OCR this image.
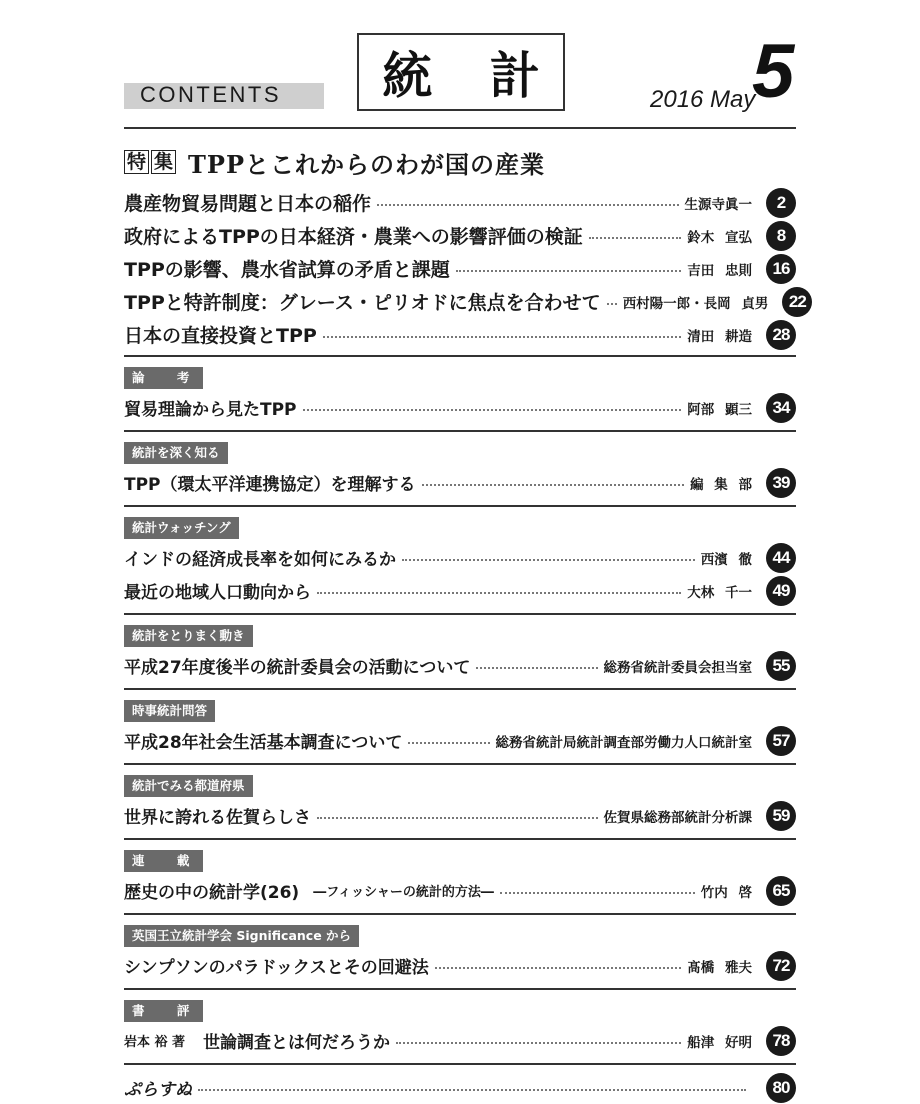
CONTENTS 統 計	2016 May
5
特 集 TPPとこれからのわが国の産業
農産物貿易問題と日本の稲作	生源寺眞一	2
政府によるTPPの日本経済・農業への影響評価の検証	鈴木 宣弘	8
TPPの影響、農水省試算の矛盾と課題	吉田 忠則	16
TPPと特許制度：グレース・ピリオドに焦点を合わせて 西村陽一郎・長岡 貞男	22
日本の直接投資とTPP	清田 耕造	28
論 考
貿易理論から見たTPP	阿部 顕三	34
統計を深く知る
TPP（環太平洋連携協定）を理解する	編 集 部	39
統計ウォッチング
インドの経済成長率を如何にみるか	西濱 徹	44
最近の地域人口動向から	大林 千一	49
統計をとりまく動き
平成27年度後半の統計委員会の活動について	総務省統計委員会担当室	55
時事統計問答
平成28年社会生活基本調査について	総務省統計局統計調査部労働力人口統計室	57
統計でみる都道府県
世界に誇れる佐賀らしさ	佐賀県総務部統計分析課	59
連 載
歴史の中の統計学(26) ―フィッシャーの統計的方法―	竹内 啓	65
英国王立統計学会 Significance から
シンプソンのパラドックスとその回避法	髙橋 雅夫	72
書 評
岩本 裕 著 世論調査とは何だろうか	船津 好明	78
ぷらすぬ	80
